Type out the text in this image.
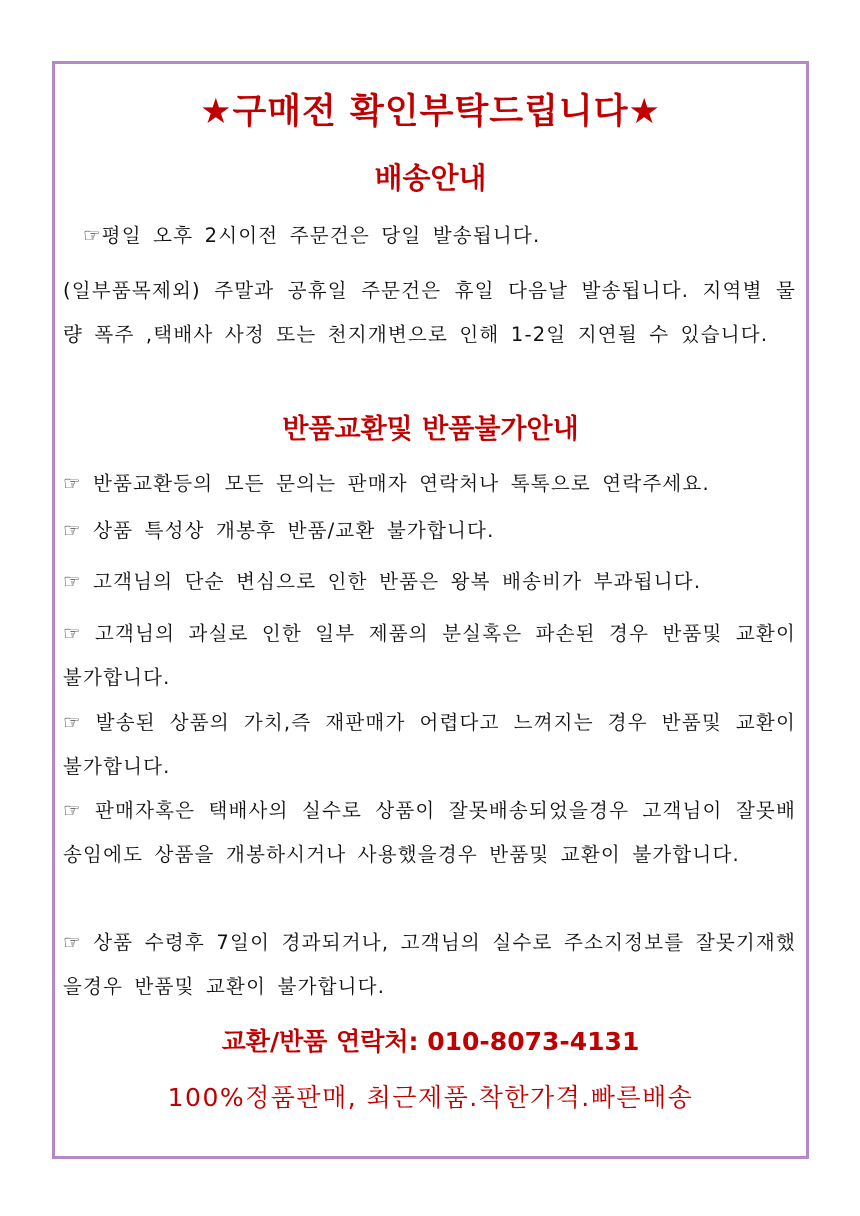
★구매전 확인부탁드립니다★
배송안내

☞평일 오후 2시이전 주문건은 당일 발송됩니다.

(일부품목제외) 주말과 공휴일 주문건은 휴일 다음날 발송됩니다. 지역별 물량 폭주 ,택배사 사정 또는 천지개변으로 인해 1-2일 지연될 수 있습니다.

반품교환및 반품불가안내

☞ 반품교환등의 모든 문의는 판매자 연락처나 톡톡으로 연락주세요.

☞ 상품 특성상 개봉후 반품/교환 불가합니다.

☞ 고객님의 단순 변심으로 인한 반품은 왕복 배송비가 부과됩니다.

☞ 고객님의 과실로 인한 일부 제품의 분실혹은 파손된 경우 반품및 교환이 불가합니다.

☞ 발송된 상품의 가치,즉 재판매가 어렵다고 느껴지는 경우 반품및 교환이 불가합니다.

☞ 판매자혹은 택배사의 실수로 상품이 잘못배송되었을경우 고객님이 잘못배송임에도 상품을 개봉하시거나 사용했을경우 반품및 교환이 불가합니다.

☞ 상품 수령후 7일이 경과되거나, 고객님의 실수로 주소지정보를 잘못기재했을경우 반품및 교환이 불가합니다.

교환/반품 연락처: 010-8073-4131
100%정품판매, 최근제품.착한가격.빠른배송
